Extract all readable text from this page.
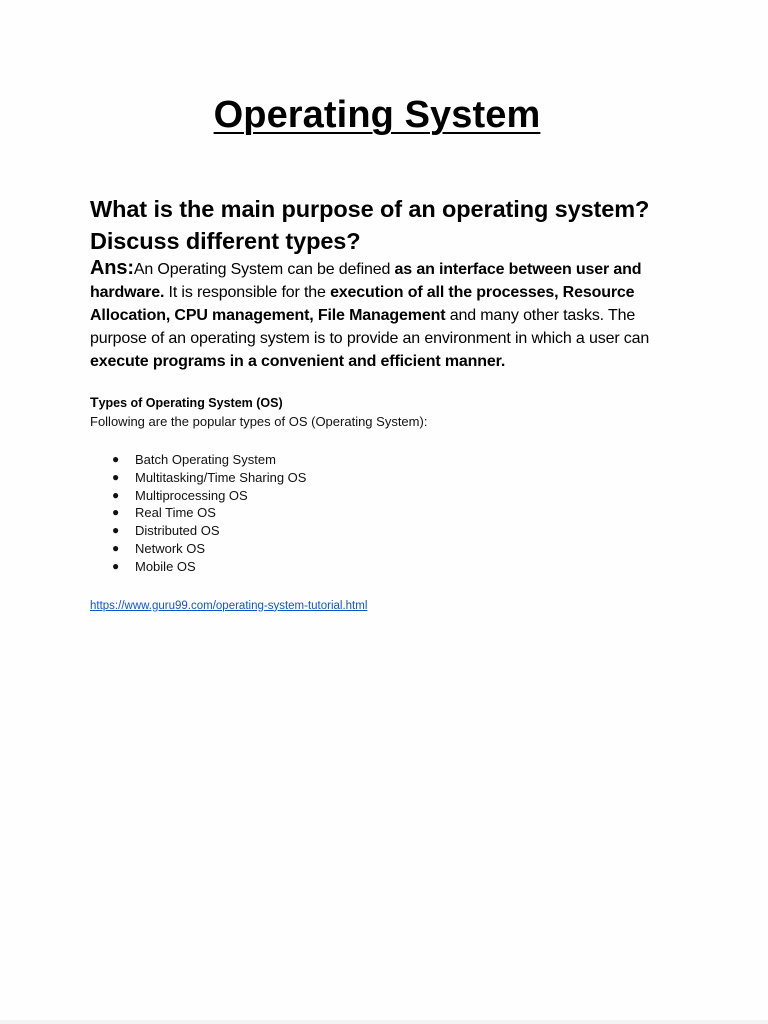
Operating System

What is the main purpose of an operating system? Discuss different types?

Ans:An Operating System can be defined as an interface between user and hardware. It is responsible for the execution of all the processes, Resource Allocation, CPU management, File Management and many other tasks. The purpose of an operating system is to provide an environment in which a user can execute programs in a convenient and efficient manner.

Types of Operating System (OS)

Following are the popular types of OS (Operating System):

● Batch Operating System
● Multitasking/Time Sharing OS
● Multiprocessing OS
● Real Time OS
● Distributed OS
● Network OS
● Mobile OS
https://www.guru99.com/operating-system-tutorial.html
